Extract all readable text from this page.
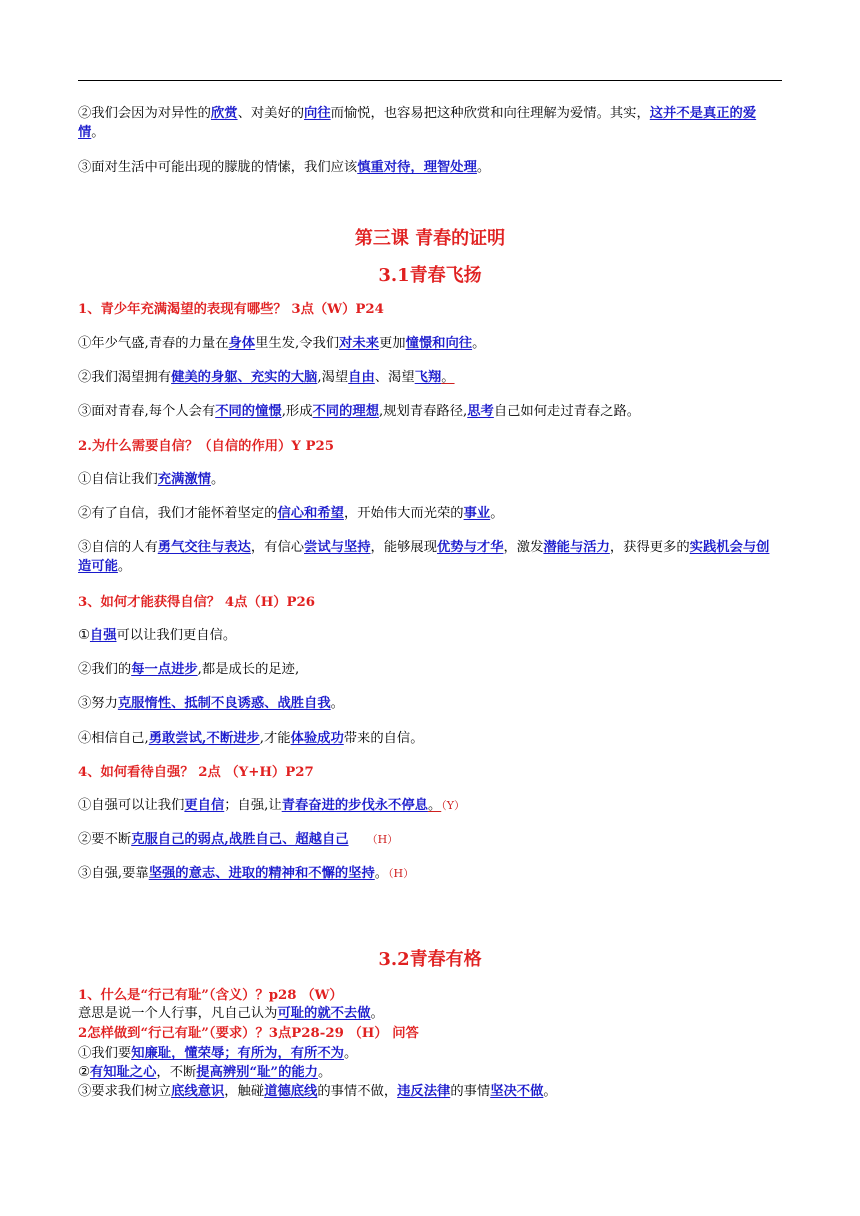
②我们会因为对异性的欣赏、对美好的向往而愉悦，也容易把这种欣赏和向往理解为爱情。其实，这并不是真正的爱情。
③面对生活中可能出现的朦胧的情愫，我们应该慎重对待，理智处理。
第三课 青春的证明
3.1青春飞扬
1、青少年充满渴望的表现有哪些？ 3点（W）P24
①年少气盛,青春的力量在身体里生发,令我们对未来更加憧憬和向往。
②我们渴望拥有健美的身躯、充实的大脑,渴望自由、渴望飞翔。
③面对青春,每个人会有不同的憧憬,形成不同的理想,规划青春路径,思考自己如何走过青春之路。
2.为什么需要自信？（自信的作用）Y P25
①自信让我们充满激情。
②有了自信，我们才能怀着坚定的信心和希望，开始伟大而光荣的事业。
③自信的人有勇气交往与表达，有信心尝试与坚持，能够展现优势与才华，激发潜能与活力，获得更多的实践机会与创造可能。
3、如何才能获得自信？ 4点（H）P26
①自强可以让我们更自信。
②我们的每一点进步,都是成长的足迹,
③努力克服惰性、抵制不良诱惑、战胜自我。
④相信自己,勇敢尝试,不断进步,才能体验成功带来的自信。
4、如何看待自强？ 2点 （Y+H）P27
①自强可以让我们更自信；自强,让青春奋进的步伐永不停息。（Y）
②要不断克服自己的弱点,战胜自己、超越自己 （H）
③自强,要靠坚强的意志、进取的精神和不懈的坚持。（H）
3.2青春有格
1、什么是“行己有耻”（含义）？p28 （W）
意思是说一个人行事，凡自己认为可耻的就不去做。
2怎样做到“行己有耻”（要求）？3点P28-29 （H） 问答
①我们要知廉耻，懂荣辱；有所为，有所不为。
②有知耻之心，不断提高辨别“耻”的能力。
③要求我们树立底线意识，触碰道德底线的事情不做，违反法律的事情坚决不做。
